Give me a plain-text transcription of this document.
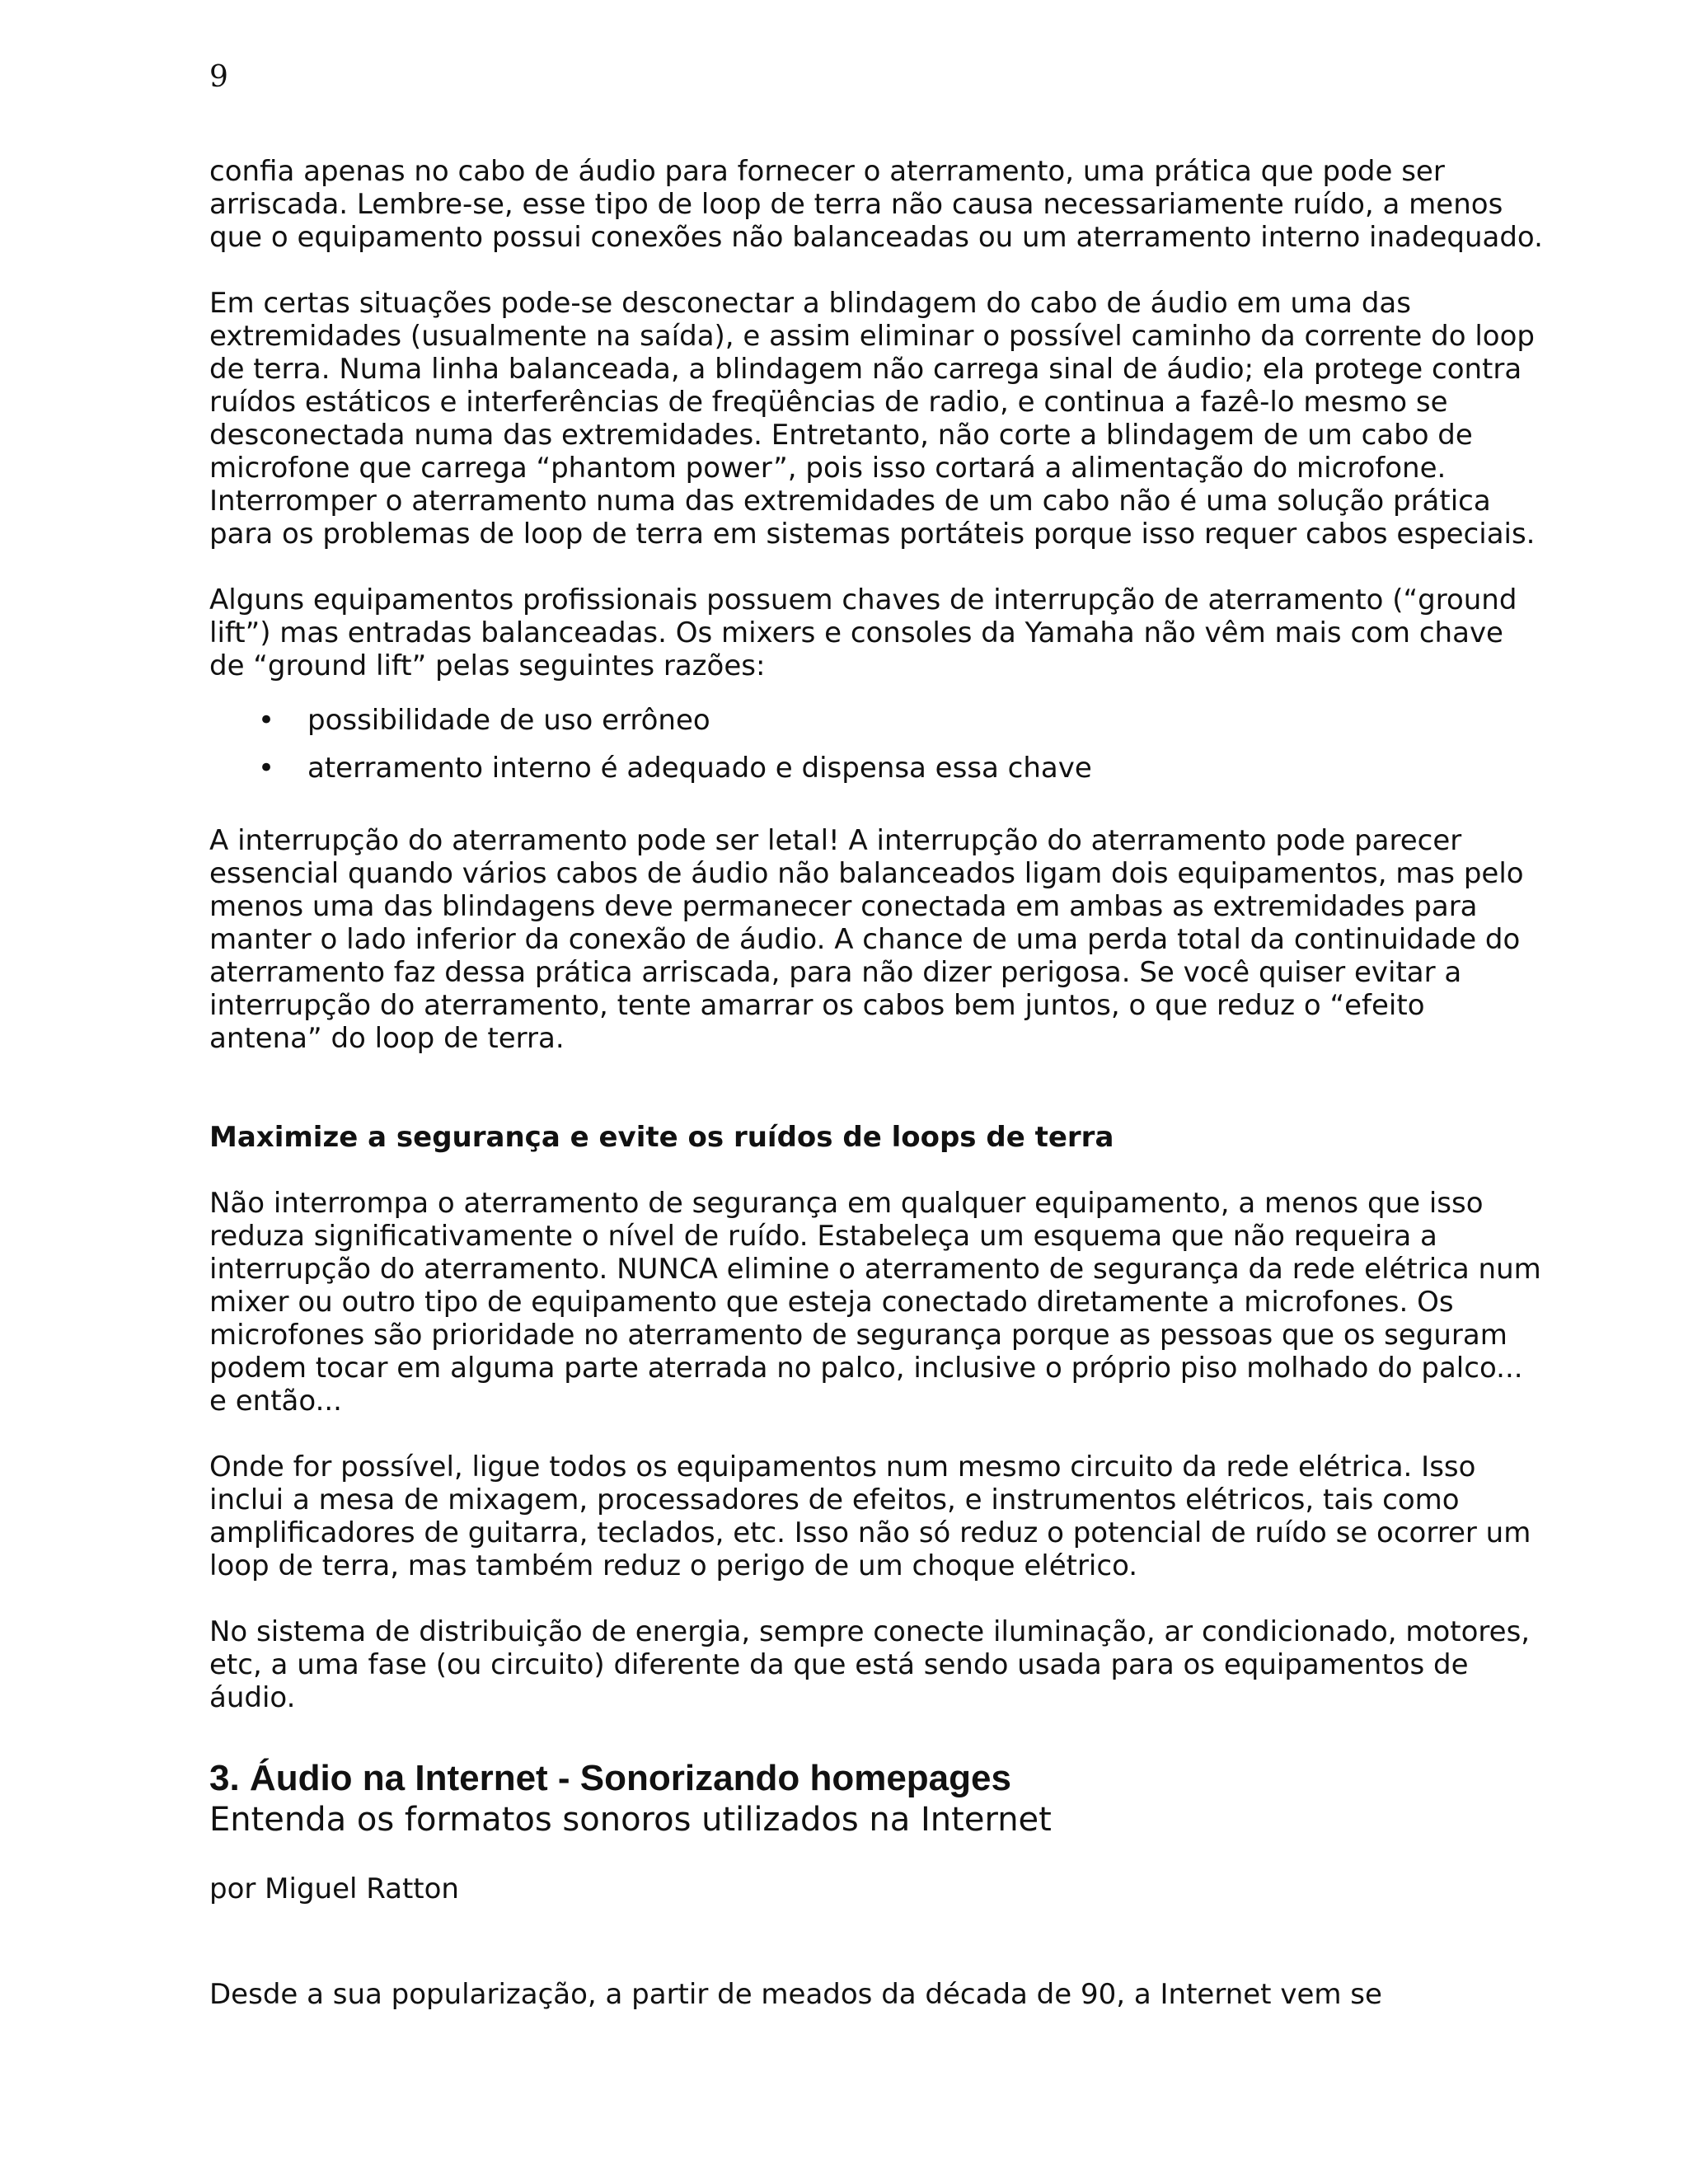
9

confia apenas no cabo de áudio para fornecer o aterramento, uma prática que pode ser arriscada. Lembre-se, esse tipo de loop de terra não causa necessariamente ruído, a menos que o equipamento possui conexões não balanceadas ou um aterramento interno inadequado.

Em certas situações pode-se desconectar a blindagem do cabo de áudio em uma das extremidades (usualmente na saída), e assim eliminar o possível caminho da corrente do loop de terra. Numa linha balanceada, a blindagem não carrega sinal de áudio; ela protege contra ruídos estáticos e interferências de freqüências de radio, e continua a fazê-lo mesmo se desconectada numa das extremidades. Entretanto, não corte a blindagem de um cabo de microfone que carrega “phantom power”, pois isso cortará a alimentação do microfone. Interromper o aterramento numa das extremidades de um cabo não é uma solução prática para os problemas de loop de terra em sistemas portáteis porque isso requer cabos especiais.

Alguns equipamentos profissionais possuem chaves de interrupção de aterramento (“ground lift”) mas entradas balanceadas. Os mixers e consoles da Yamaha não vêm mais com chave de “ground lift” pelas seguintes razões:

• possibilidade de uso errôneo
• aterramento interno é adequado e dispensa essa chave

A interrupção do aterramento pode ser letal! A interrupção do aterramento pode parecer essencial quando vários cabos de áudio não balanceados ligam dois equipamentos, mas pelo menos uma das blindagens deve permanecer conectada em ambas as extremidades para manter o lado inferior da conexão de áudio. A chance de uma perda total da continuidade do aterramento faz dessa prática arriscada, para não dizer perigosa. Se você quiser evitar a interrupção do aterramento, tente amarrar os cabos bem juntos, o que reduz o “efeito antena” do loop de terra.

Maximize a segurança e evite os ruídos de loops de terra

Não interrompa o aterramento de segurança em qualquer equipamento, a menos que isso reduza significativamente o nível de ruído. Estabeleça um esquema que não requeira a interrupção do aterramento. NUNCA elimine o aterramento de segurança da rede elétrica num mixer ou outro tipo de equipamento que esteja conectado diretamente a microfones. Os microfones são prioridade no aterramento de segurança porque as pessoas que os seguram podem tocar em alguma parte aterrada no palco, inclusive o próprio piso molhado do palco... e então...

Onde for possível, ligue todos os equipamentos num mesmo circuito da rede elétrica. Isso inclui a mesa de mixagem, processadores de efeitos, e instrumentos elétricos, tais como amplificadores de guitarra, teclados, etc. Isso não só reduz o potencial de ruído se ocorrer um loop de terra, mas também reduz o perigo de um choque elétrico.

No sistema de distribuição de energia, sempre conecte iluminação, ar condicionado, motores, etc, a uma fase (ou circuito) diferente da que está sendo usada para os equipamentos de áudio.

3. Áudio na Internet - Sonorizando homepages

Entenda os formatos sonoros utilizados na Internet

por Miguel Ratton

Desde a sua popularização, a partir de meados da década de 90, a Internet vem se
